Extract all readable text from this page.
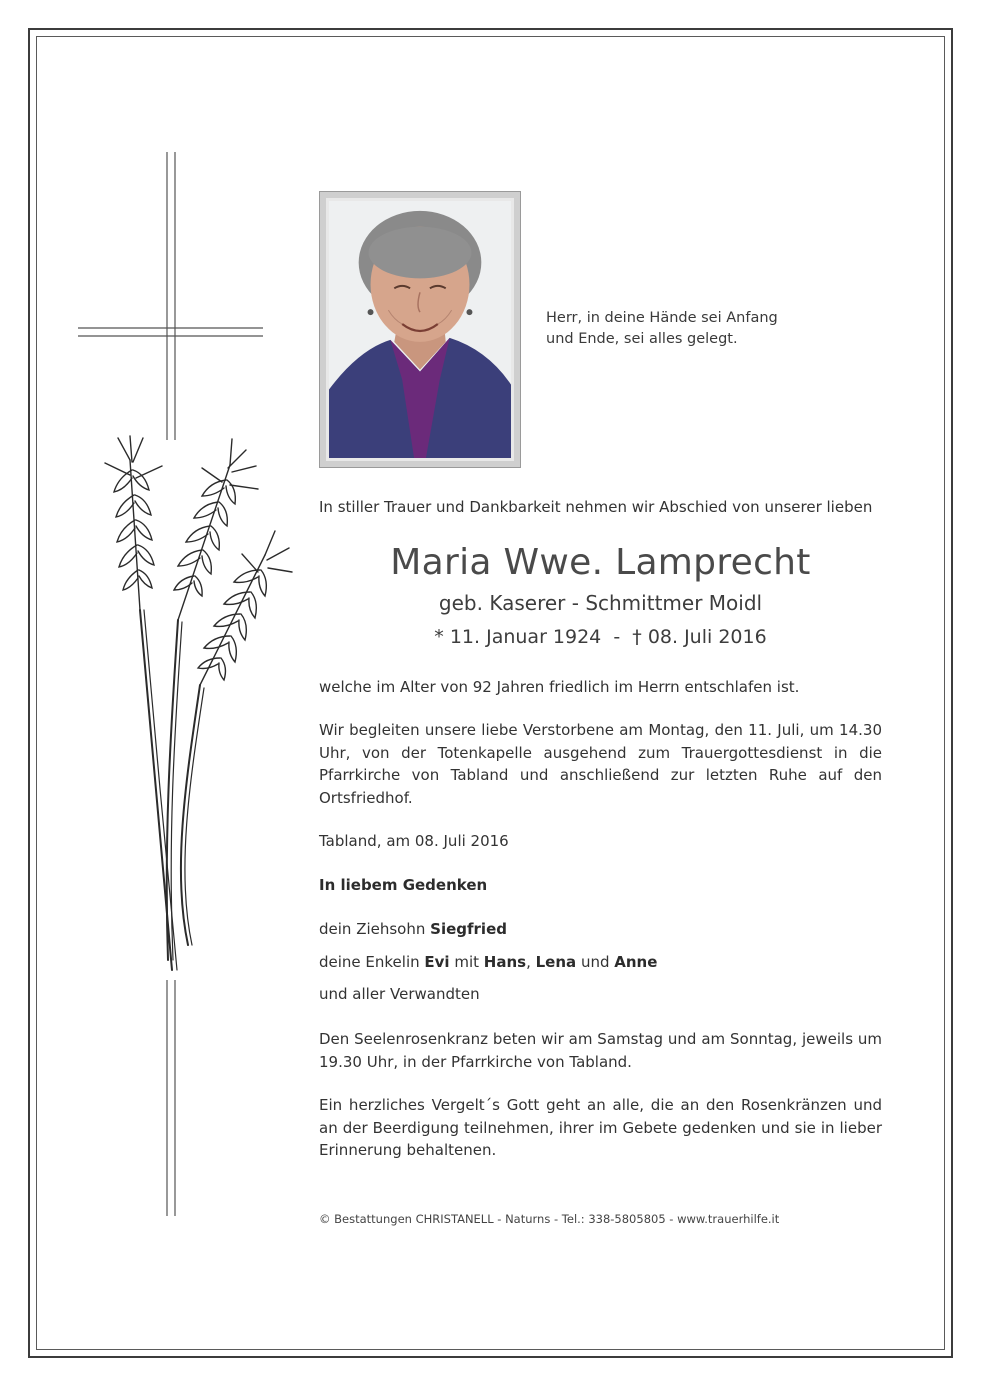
Herr, in deine Hände sei Anfang
und Ende, sei alles gelegt.
In stiller Trauer und Dankbarkeit nehmen wir Abschied von unserer lieben
Maria Wwe. Lamprecht
geb. Kaserer - Schmittmer Moidl
* 11. Januar 1924  -  † 08. Juli 2016
welche im Alter von 92 Jahren friedlich im Herrn entschlafen ist.
Wir begleiten unsere liebe Verstorbene am Montag, den 11. Juli, um 14.30 Uhr, von der Totenkapelle ausgehend zum Trauergottesdienst in die Pfarrkirche von Tabland und anschließend zur letzten Ruhe auf den Ortsfriedhof.
Tabland, am 08. Juli 2016
In liebem Gedenken
dein Ziehsohn Siegfried
deine Enkelin Evi mit Hans, Lena und Anne
und aller Verwandten
Den Seelenrosenkranz beten wir am Samstag und am Sonntag, jeweils um 19.30 Uhr, in der Pfarrkirche von Tabland.
Ein herzliches Vergelt´s Gott geht an alle, die an den Rosenkränzen und an der Beerdigung teilnehmen, ihrer im Gebete gedenken und sie in lieber Erinnerung behaltenen.
© Bestattungen CHRISTANELL - Naturns - Tel.: 338-5805805 - www.trauerhilfe.it
